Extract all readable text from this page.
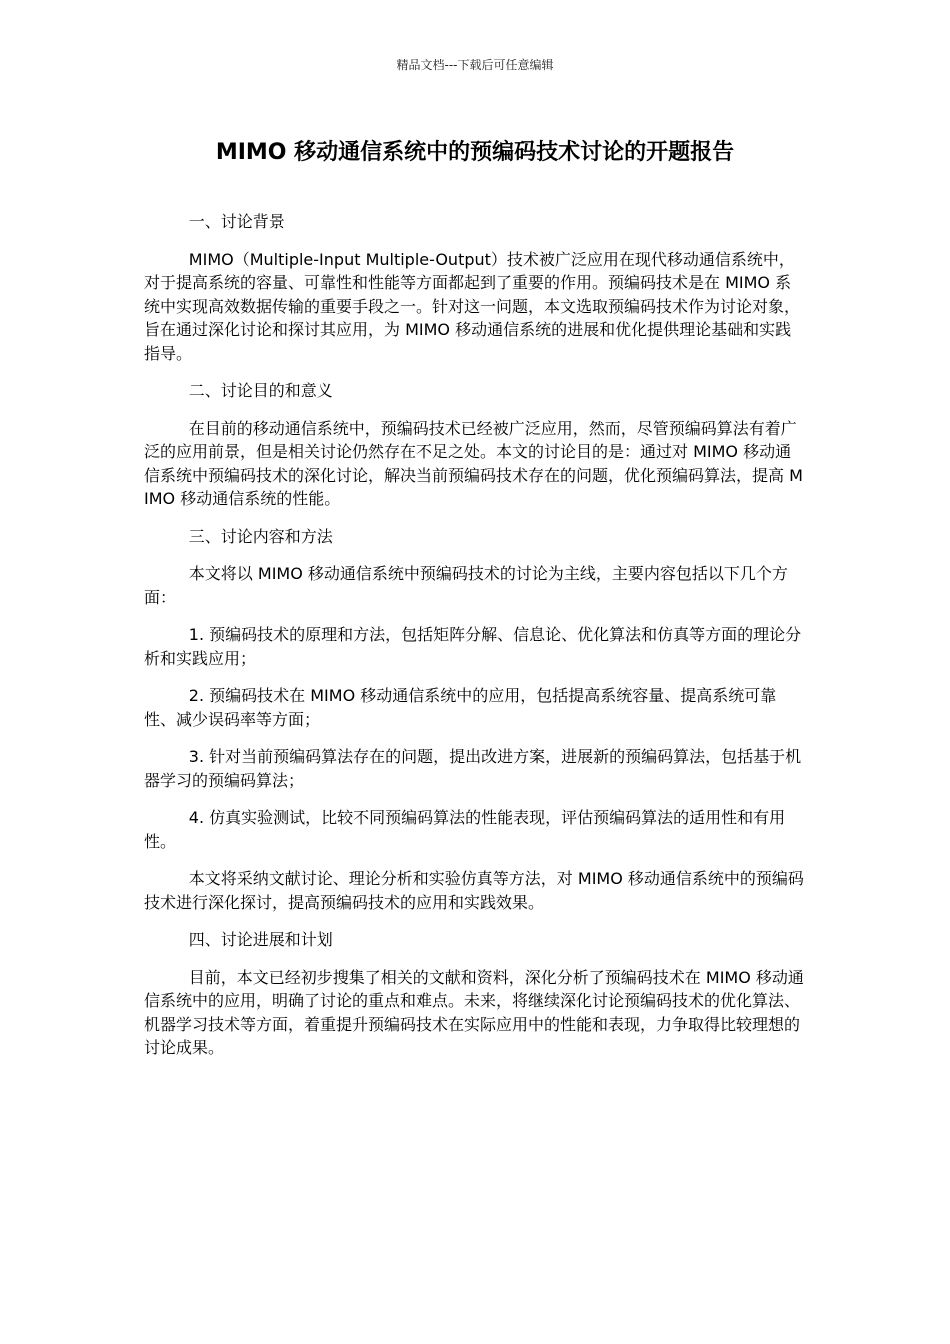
精品文档---下载后可任意编辑
MIMO 移动通信系统中的预编码技术讨论的开题报告

一、讨论背景

MIMO（Multiple-Input Multiple-Output）技术被广泛应用在现代移动通信系统中，对于提高系统的容量、可靠性和性能等方面都起到了重要的作用。预编码技术是在 MIMO 系统中实现高效数据传输的重要手段之一。针对这一问题，本文选取预编码技术作为讨论对象，旨在通过深化讨论和探讨其应用，为 MIMO 移动通信系统的进展和优化提供理论基础和实践指导。

二、讨论目的和意义

在目前的移动通信系统中，预编码技术已经被广泛应用，然而，尽管预编码算法有着广泛的应用前景，但是相关讨论仍然存在不足之处。本文的讨论目的是：通过对 MIMO 移动通信系统中预编码技术的深化讨论，解决当前预编码技术存在的问题，优化预编码算法，提高 MIMO 移动通信系统的性能。

三、讨论内容和方法

本文将以 MIMO 移动通信系统中预编码技术的讨论为主线，主要内容包括以下几个方面：

1. 预编码技术的原理和方法，包括矩阵分解、信息论、优化算法和仿真等方面的理论分析和实践应用；

2. 预编码技术在 MIMO 移动通信系统中的应用，包括提高系统容量、提高系统可靠性、减少误码率等方面；

3. 针对当前预编码算法存在的问题，提出改进方案，进展新的预编码算法，包括基于机器学习的预编码算法；

4. 仿真实验测试，比较不同预编码算法的性能表现，评估预编码算法的适用性和有用性。

本文将采纳文献讨论、理论分析和实验仿真等方法，对 MIMO 移动通信系统中的预编码技术进行深化探讨，提高预编码技术的应用和实践效果。

四、讨论进展和计划

目前，本文已经初步搜集了相关的文献和资料，深化分析了预编码技术在 MIMO 移动通信系统中的应用，明确了讨论的重点和难点。未来，将继续深化讨论预编码技术的优化算法、机器学习技术等方面，着重提升预编码技术在实际应用中的性能和表现，力争取得比较理想的讨论成果。
